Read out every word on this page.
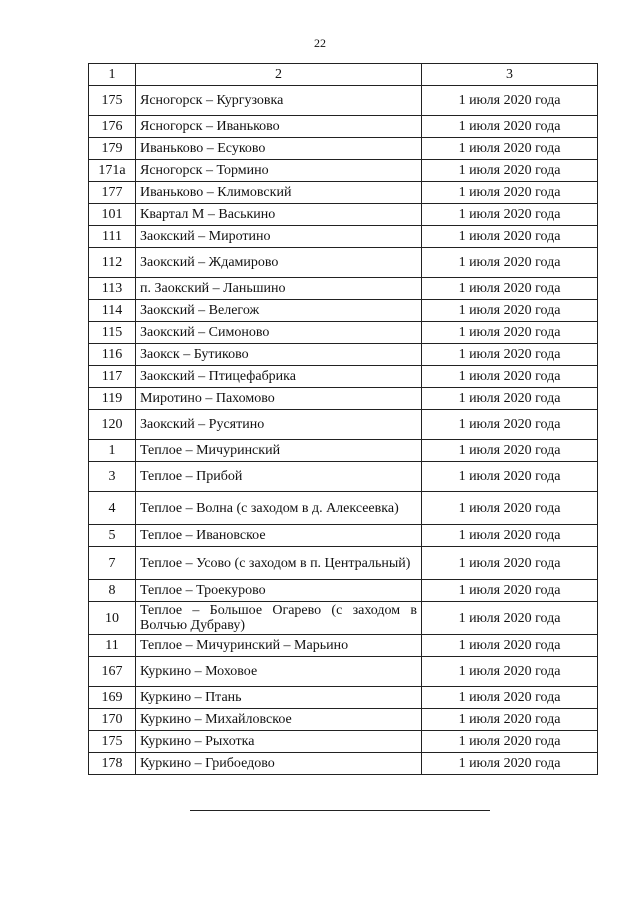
22
1	2	3
175	Ясногорск – Кургузовка	1 июля 2020 года
176	Ясногорск – Иваньково	1 июля 2020 года
179	Иваньково – Есуково	1 июля 2020 года
171а	Ясногорск – Тормино	1 июля 2020 года
177	Иваньково – Климовский	1 июля 2020 года
101	Квартал М – Васькино	1 июля 2020 года
111	Заокский – Миротино	1 июля 2020 года
112	Заокский – Ждамирово	1 июля 2020 года
113	п. Заокский – Ланьшино	1 июля 2020 года
114	Заокский – Велегож	1 июля 2020 года
115	Заокский – Симоново	1 июля 2020 года
116	Заокск – Бутиково	1 июля 2020 года
117	Заокский – Птицефабрика	1 июля 2020 года
119	Миротино – Пахомово	1 июля 2020 года
120	Заокский – Русятино	1 июля 2020 года
1	Теплое – Мичуринский	1 июля 2020 года
3	Теплое – Прибой	1 июля 2020 года
4	Теплое – Волна (с заходом в д. Алексеевка)	1 июля 2020 года
5	Теплое – Ивановское	1 июля 2020 года
7	Теплое – Усово (с заходом в п. Центральный)	1 июля 2020 года
8	Теплое – Троекурово	1 июля 2020 года
10	Теплое – Большое Огарево (с заходом в Волчью Дубраву)	1 июля 2020 года
11	Теплое – Мичуринский – Марьино	1 июля 2020 года
167	Куркино – Моховое	1 июля 2020 года
169	Куркино – Птань	1 июля 2020 года
170	Куркино – Михайловское	1 июля 2020 года
175	Куркино – Рыхотка	1 июля 2020 года
178	Куркино – Грибоедово	1 июля 2020 года
